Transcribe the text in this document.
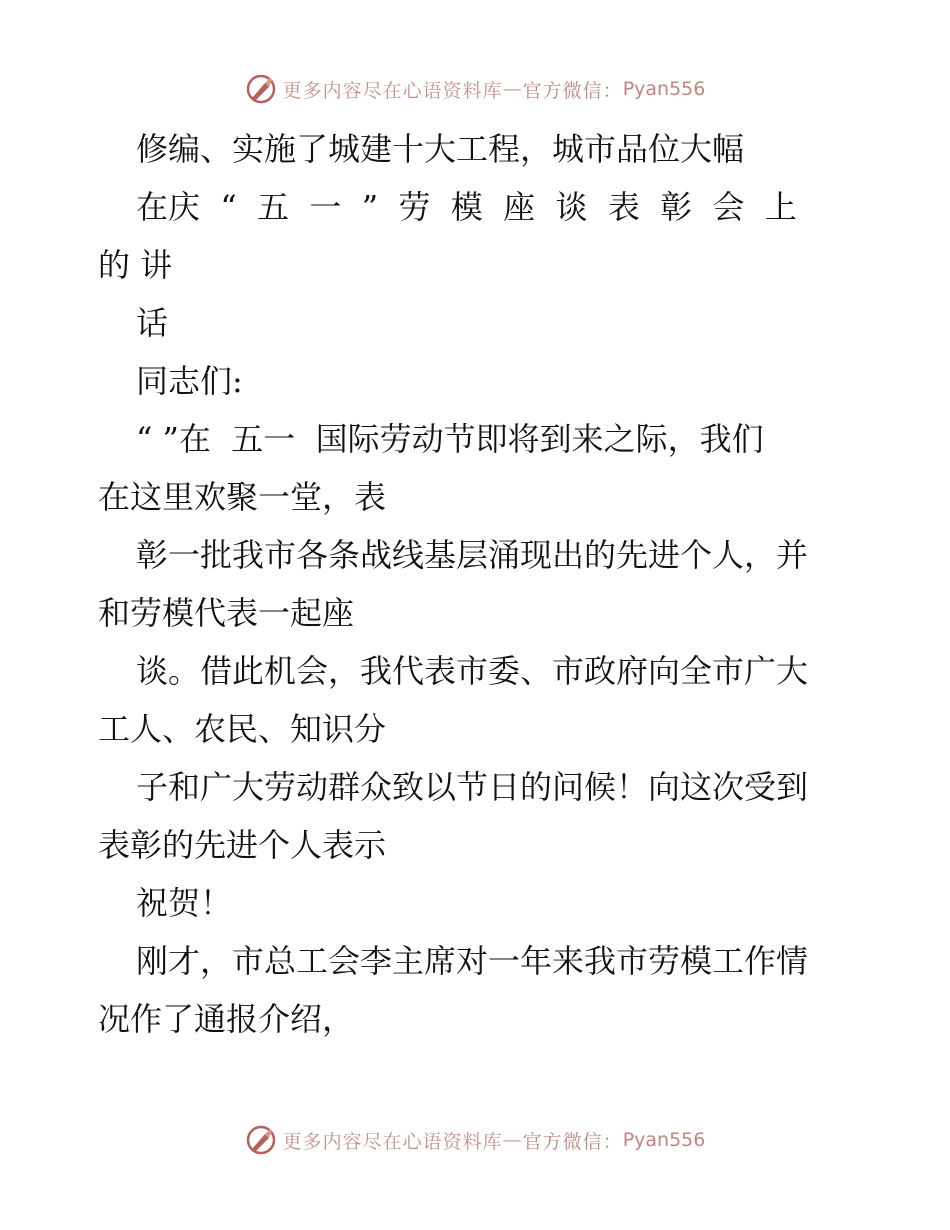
更多内容尽在心语资料库 — 官方微信： Pyan556
修编、实施了城建十大工程，城市品位大幅
在庆  “  五  一  ”  劳  模  座  谈  表  彰  会  上
的 讲
话
同志们:
“ ”在  五一  国际劳动节即将到来之际，我们
在这里欢聚一堂，表
彰一批我市各条战线基层涌现出的先进个人，并
和劳模代表一起座
谈。借此机会，我代表市委、市政府向全市广大
工人、农民、知识分
子和广大劳动群众致以节日的问候！向这次受到
表彰的先进个人表示
祝贺！
刚才，市总工会李主席对一年来我市劳模工作情
况作了通报介绍，
更多内容尽在心语资料库 — 官方微信： Pyan556
